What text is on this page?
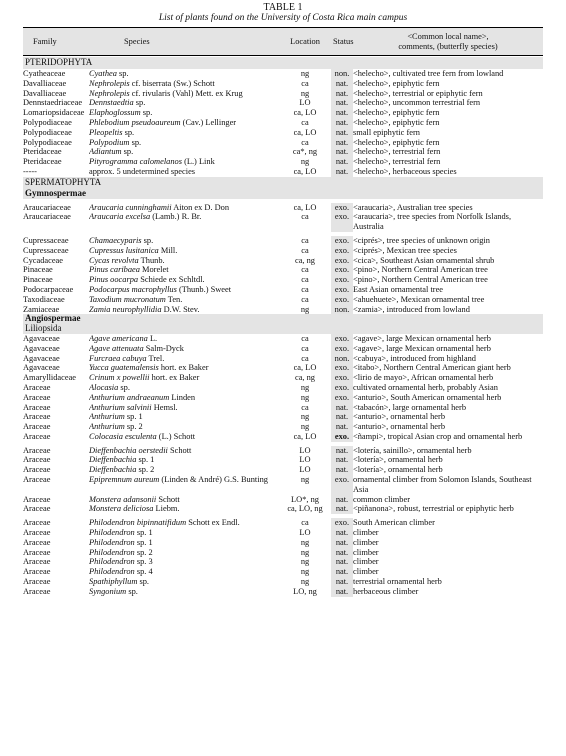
TABLE 1
List of plants found on the University of Costa Rica main campus
Family	Species	Location	Status	<Common local name>,
comments, (butterfly species)

PTERIDOPHYTA				
Cyatheaceae	Cyathea sp.	ng	non.	<helecho>, cultivated tree fern from lowland
Davalliaceae	Nephrolepis cf. biserrata (Sw.) Schott	ca	nat.	<helecho>, epiphytic fern
Davalliaceae	Nephrolepis cf. rivularis (Vahl) Mett. ex Krug	ng	nat.	<helecho>, terrestrial or epiphytic fern
Dennstaedriaceae	Dennstaedtia sp.	LO	nat.	<helecho>, uncommon terrestrial fern
Lomariopsidaceae	Elaphoglossum sp.	ca, LO	nat.	<helecho>, epiphytic fern
Polypodiaceae	Phlebodium pseudoaureum (Cav.) Lellinger	ca	nat.	<helecho>, epiphytic fern
Polypodiaceae	Pleopeltis sp.	ca, LO	nat.	small epiphytic fern
Polypodiaceae	Polypodium sp.	ca	nat.	<helecho>, epiphytic fern
Pteridaceae	Adiantum sp.	ca*, ng	nat.	<helecho>, terrestrial fern
Pteridaceae	Pityrogramma calomelanos (L.) Link	ng	nat.	<helecho>, terrestrial fern
-----	approx. 5 undetermined species	ca, LO	nat.	<helecho>, herbaceous species
SPERMATOPHYTA				
Gymnospermae				

Araucariaceae	Araucaria cunninghamii Aiton ex D. Don	ca, LO	exo.	<araucaria>, Australian tree species
Araucariaceae	Araucaria excelsa (Lamb.) R. Br.	ca	exo.	<araucaria>, tree species from Norfolk Islands, Australia

Cupressaceae	Chamaecyparis sp.	ca	exo.	<ciprés>, tree species of unknown origin
Cupressaceae	Cupressus lusitanica Mill.	ca	exo.	<ciprés>, Mexican tree species
Cycadaceae	Cycas revolvta Thunb.	ca, ng	exo.	<cica>, Southeast Asian ornamental shrub
Pinaceae	Pinus caribaea Morelet	ca	exo.	<pino>, Northern Central American tree
Pinaceae	Pinus oocarpa Schiede ex Schltdl.	ca	exo.	<pino>, Northern Central American tree
Podocarpaceae	Podocarpus macrophyllus (Thunb.) Sweet	ca	exo.	East Asian ornamental tree
Taxodiaceae	Taxodium mucronatum Ten.	ca	exo.	<ahuehuete>, Mexican ornamental tree
Zamiaceae	Zamia neurophyllidia D.W. Stev.	ng	non.	<zamia>, introduced from lowland
Angiospermae				
Liliopsida				
Agavaceae	Agave americana L.	ca	exo.	<agave>, large Mexican ornamental herb
Agavaceae	Agave attenuata Salm-Dyck	ca	exo.	<agave>, large Mexican ornamental herb
Agavaceae	Furcraea cabuya Trel.	ca	non.	<cabuya>, introduced from highland
Agavaceae	Yucca guatemalensis hort. ex Baker	ca, LO	exo.	<itabo>, Northern Central American giant herb
Amaryllidaceae	Crinum x powellii hort. ex Baker	ca, ng	exo.	<lirio de mayo>, African ornamental herb
Araceae	Alocasia sp.	ng	exo.	cultivated ornamental herb, probably Asian
Araceae	Anthurium andraeanum Linden	ng	exo.	<anturio>, South American ornamental herb
Araceae	Anthurium salvinii Hemsl.	ca	nat.	<tabacón>, large ornamental herb
Araceae	Anthurium sp. 1	ng	nat.	<anturio>, ornamental herb
Araceae	Anthurium sp. 2	ng	nat.	<anturio>, ornamental herb
Araceae	Colocasia esculenta (L.) Schott	ca, LO	exo.	<ñampi>, tropical Asian crop and ornamental herb

Araceae	Dieffenbachia oerstedii Schott	LO	nat.	<lotería, sainillo>, ornamental herb
Araceae	Dieffenbachia sp. 1	LO	nat.	<lotería>, ornamental herb
Araceae	Dieffenbachia sp. 2	LO	nat.	<lotería>, ornamental herb
Araceae	Epipremnum aureum (Linden & André) G.S. Bunting	ng	exo.	ornamental climber from Solomon Islands, Southeast Asia
Araceae	Monstera adansonii Schott	LO*, ng	nat.	common climber
Araceae	Monstera deliciosa Liebm.	ca, LO, ng	nat.	<piñanona>, robust, terrestrial or epiphytic herb

Araceae	Philodendron bipinnatifidum Schott ex Endl.	ca	exo.	South American climber
Araceae	Philodendron sp. 1	LO	nat.	climber
Araceae	Philodendron sp. 1	ng	nat.	climber
Araceae	Philodendron sp. 2	ng	nat.	climber
Araceae	Philodendron sp. 3	ng	nat.	climber
Araceae	Philodendron sp. 4	ng	nat.	climber
Araceae	Spathiphyllum sp.	ng	nat.	terrestrial ornamental herb
Araceae	Syngonium sp.	LO, ng	nat.	herbaceous climber
